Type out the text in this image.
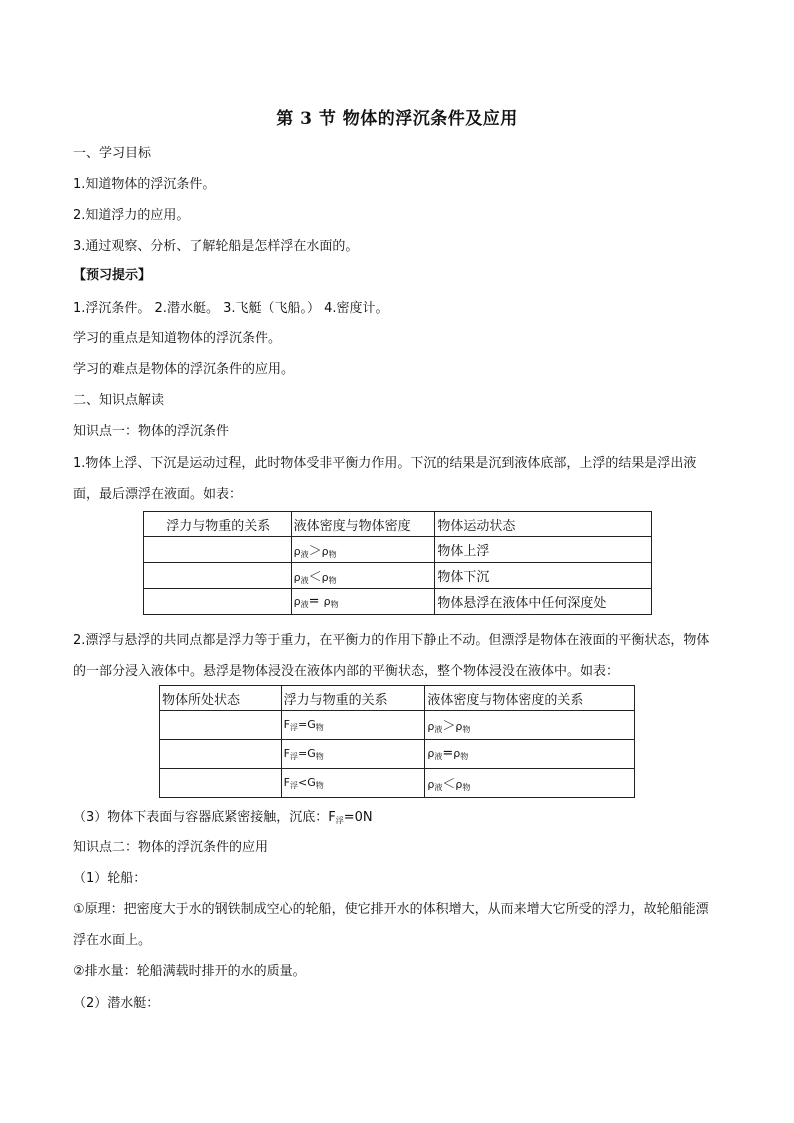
第 3 节 物体的浮沉条件及应用
一、学习目标
1.知道物体的浮沉条件。
2.知道浮力的应用。
3.通过观察、分析、了解轮船是怎样浮在水面的。
【预习提示】
1.浮沉条件。 2.潜水艇。 3.飞艇（飞船。） 4.密度计。
学习的重点是知道物体的浮沉条件。
学习的难点是物体的浮沉条件的应用。
二、知识点解读
知识点一：物体的浮沉条件
1.物体上浮、下沉是运动过程，此时物体受非平衡力作用。下沉的结果是沉到液体底部，上浮的结果是浮出液面，最后漂浮在液面。如表：
浮力与物重的关系	液体密度与物体密度	物体运动状态
	$\rho_液>\rho_物$	物体上浮
	$\rho_液<\rho_物$	物体下沉
	$\rho_液= \rho_物$	物体悬浮在液体中任何深度处
2.漂浮与悬浮的共同点都是浮力等于重力，在平衡力的作用下静止不动。但漂浮是物体在液面的平衡状态，物体的一部分浸入液体中。悬浮是物体浸没在液体内部的平衡状态，整个物体浸没在液体中。如表：
物体所处状态	浮力与物重的关系	液体密度与物体密度的关系
	$F_浮=G_物$	$\rho_液>\rho_物$
	$F_浮=G_物$	$\rho_液=\rho_物$
	$F_浮<G_物$	$\rho_液<\rho_物$
（3）物体下表面与容器底紧密接触，沉底：$F_浮=0N$
知识点二：物体的浮沉条件的应用
（1）轮船：
①原理：把密度大于水的钢铁制成空心的轮船，使它排开水的体积增大，从而来增大它所受的浮力，故轮船能漂浮在水面上。
②排水量：轮船满载时排开的水的质量。
（2）潜水艇：
